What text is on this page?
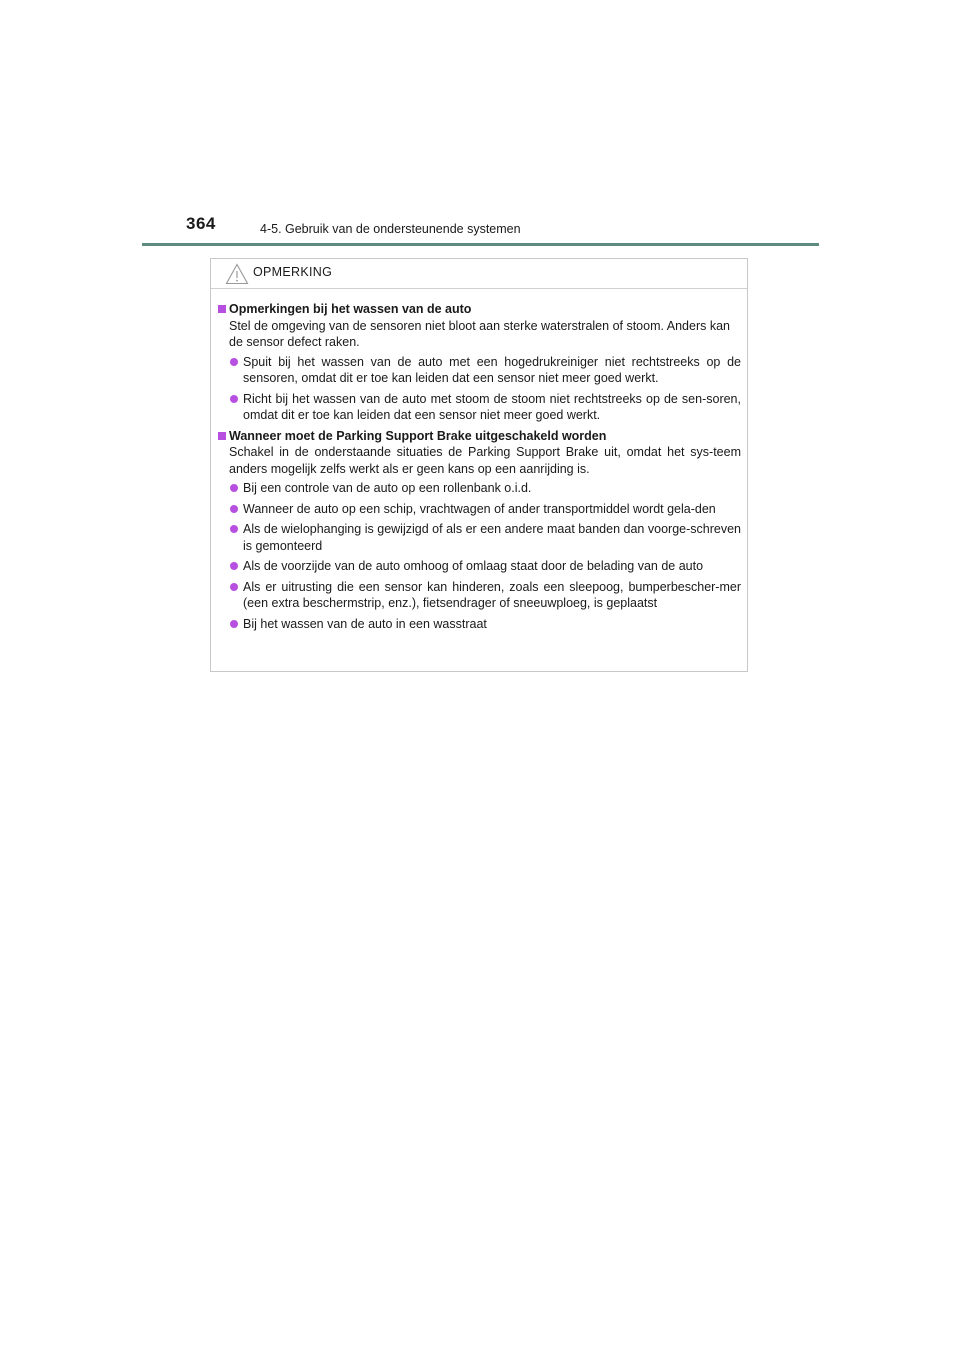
364	4-5. Gebruik van de ondersteunende systemen
OPMERKING
Opmerkingen bij het wassen van de auto
Stel de omgeving van de sensoren niet bloot aan sterke waterstralen of stoom. Anders kan de sensor defect raken.
Spuit bij het wassen van de auto met een hogedrukreiniger niet rechtstreeks op de sensoren, omdat dit er toe kan leiden dat een sensor niet meer goed werkt.
Richt bij het wassen van de auto met stoom de stoom niet rechtstreeks op de sen-soren, omdat dit er toe kan leiden dat een sensor niet meer goed werkt.
Wanneer moet de Parking Support Brake uitgeschakeld worden
Schakel in de onderstaande situaties de Parking Support Brake uit, omdat het sys-teem anders mogelijk zelfs werkt als er geen kans op een aanrijding is.
Bij een controle van de auto op een rollenbank o.i.d.
Wanneer de auto op een schip, vrachtwagen of ander transportmiddel wordt gela-den
Als de wielophanging is gewijzigd of als er een andere maat banden dan voorge-schreven is gemonteerd
Als de voorzijde van de auto omhoog of omlaag staat door de belading van de auto
Als er uitrusting die een sensor kan hinderen, zoals een sleepoog, bumperbescher-mer (een extra beschermstrip, enz.), fietsendrager of sneeuwploeg, is geplaatst
Bij het wassen van de auto in een wasstraat
